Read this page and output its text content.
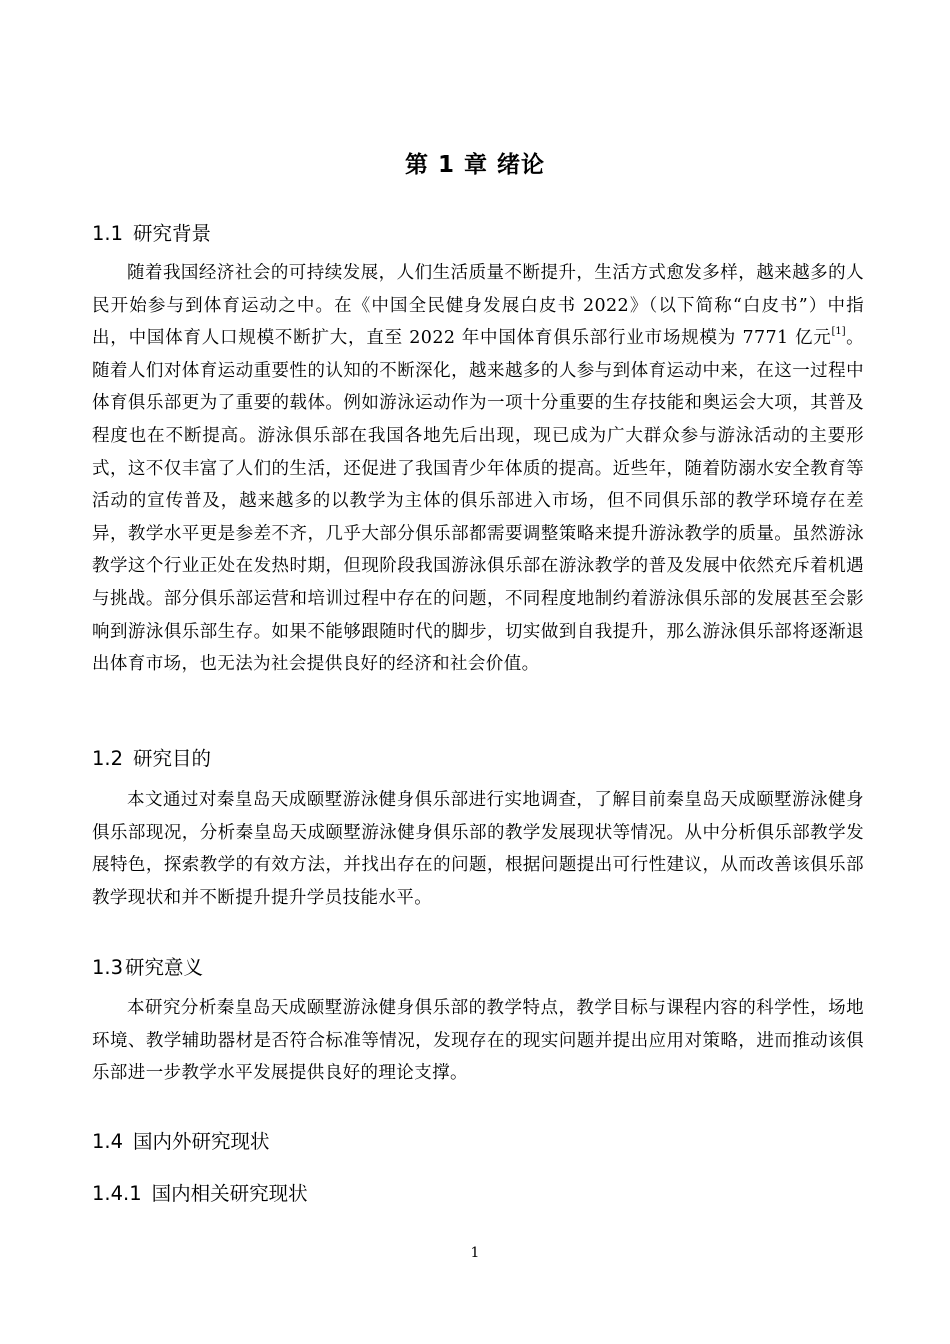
第 1 章 绪论
1.1 研究背景
随着我国经济社会的可持续发展，人们生活质量不断提升，生活方式愈发多样，越来越多的人民开始参与到体育运动之中。在《中国全民健身发展白皮书 2022》（以下简称“白皮书”）中指出，中国体育人口规模不断扩大，直至 2022 年中国体育俱乐部行业市场规模为 7771 亿元[1]。随着人们对体育运动重要性的认知的不断深化，越来越多的人参与到体育运动中来，在这一过程中体育俱乐部更为了重要的载体。例如游泳运动作为一项十分重要的生存技能和奥运会大项，其普及程度也在不断提高。游泳俱乐部在我国各地先后出现，现已成为广大群众参与游泳活动的主要形式，这不仅丰富了人们的生活，还促进了我国青少年体质的提高。近些年，随着防溺水安全教育等活动的宣传普及，越来越多的以教学为主体的俱乐部进入市场，但不同俱乐部的教学环境存在差异，教学水平更是参差不齐，几乎大部分俱乐部都需要调整策略来提升游泳教学的质量。虽然游泳教学这个行业正处在发热时期，但现阶段我国游泳俱乐部在游泳教学的普及发展中依然充斥着机遇与挑战。部分俱乐部运营和培训过程中存在的问题，不同程度地制约着游泳俱乐部的发展甚至会影响到游泳俱乐部生存。如果不能够跟随时代的脚步，切实做到自我提升，那么游泳俱乐部将逐渐退出体育市场，也无法为社会提供良好的经济和社会价值。
1.2 研究目的
本文通过对秦皇岛天成颐墅游泳健身俱乐部进行实地调查，了解目前秦皇岛天成颐墅游泳健身俱乐部现况，分析秦皇岛天成颐墅游泳健身俱乐部的教学发展现状等情况。从中分析俱乐部教学发展特色，探索教学的有效方法，并找出存在的问题，根据问题提出可行性建议，从而改善该俱乐部教学现状和并不断提升提升学员技能水平。
1.3 研究意义
本研究分析秦皇岛天成颐墅游泳健身俱乐部的教学特点，教学目标与课程内容的科学性，场地环境、教学辅助器材是否符合标准等情况，发现存在的现实问题并提出应用对策略，进而推动该俱乐部进一步教学水平发展提供良好的理论支撑。
1.4 国内外研究现状
1.4.1 国内相关研究现状
1
